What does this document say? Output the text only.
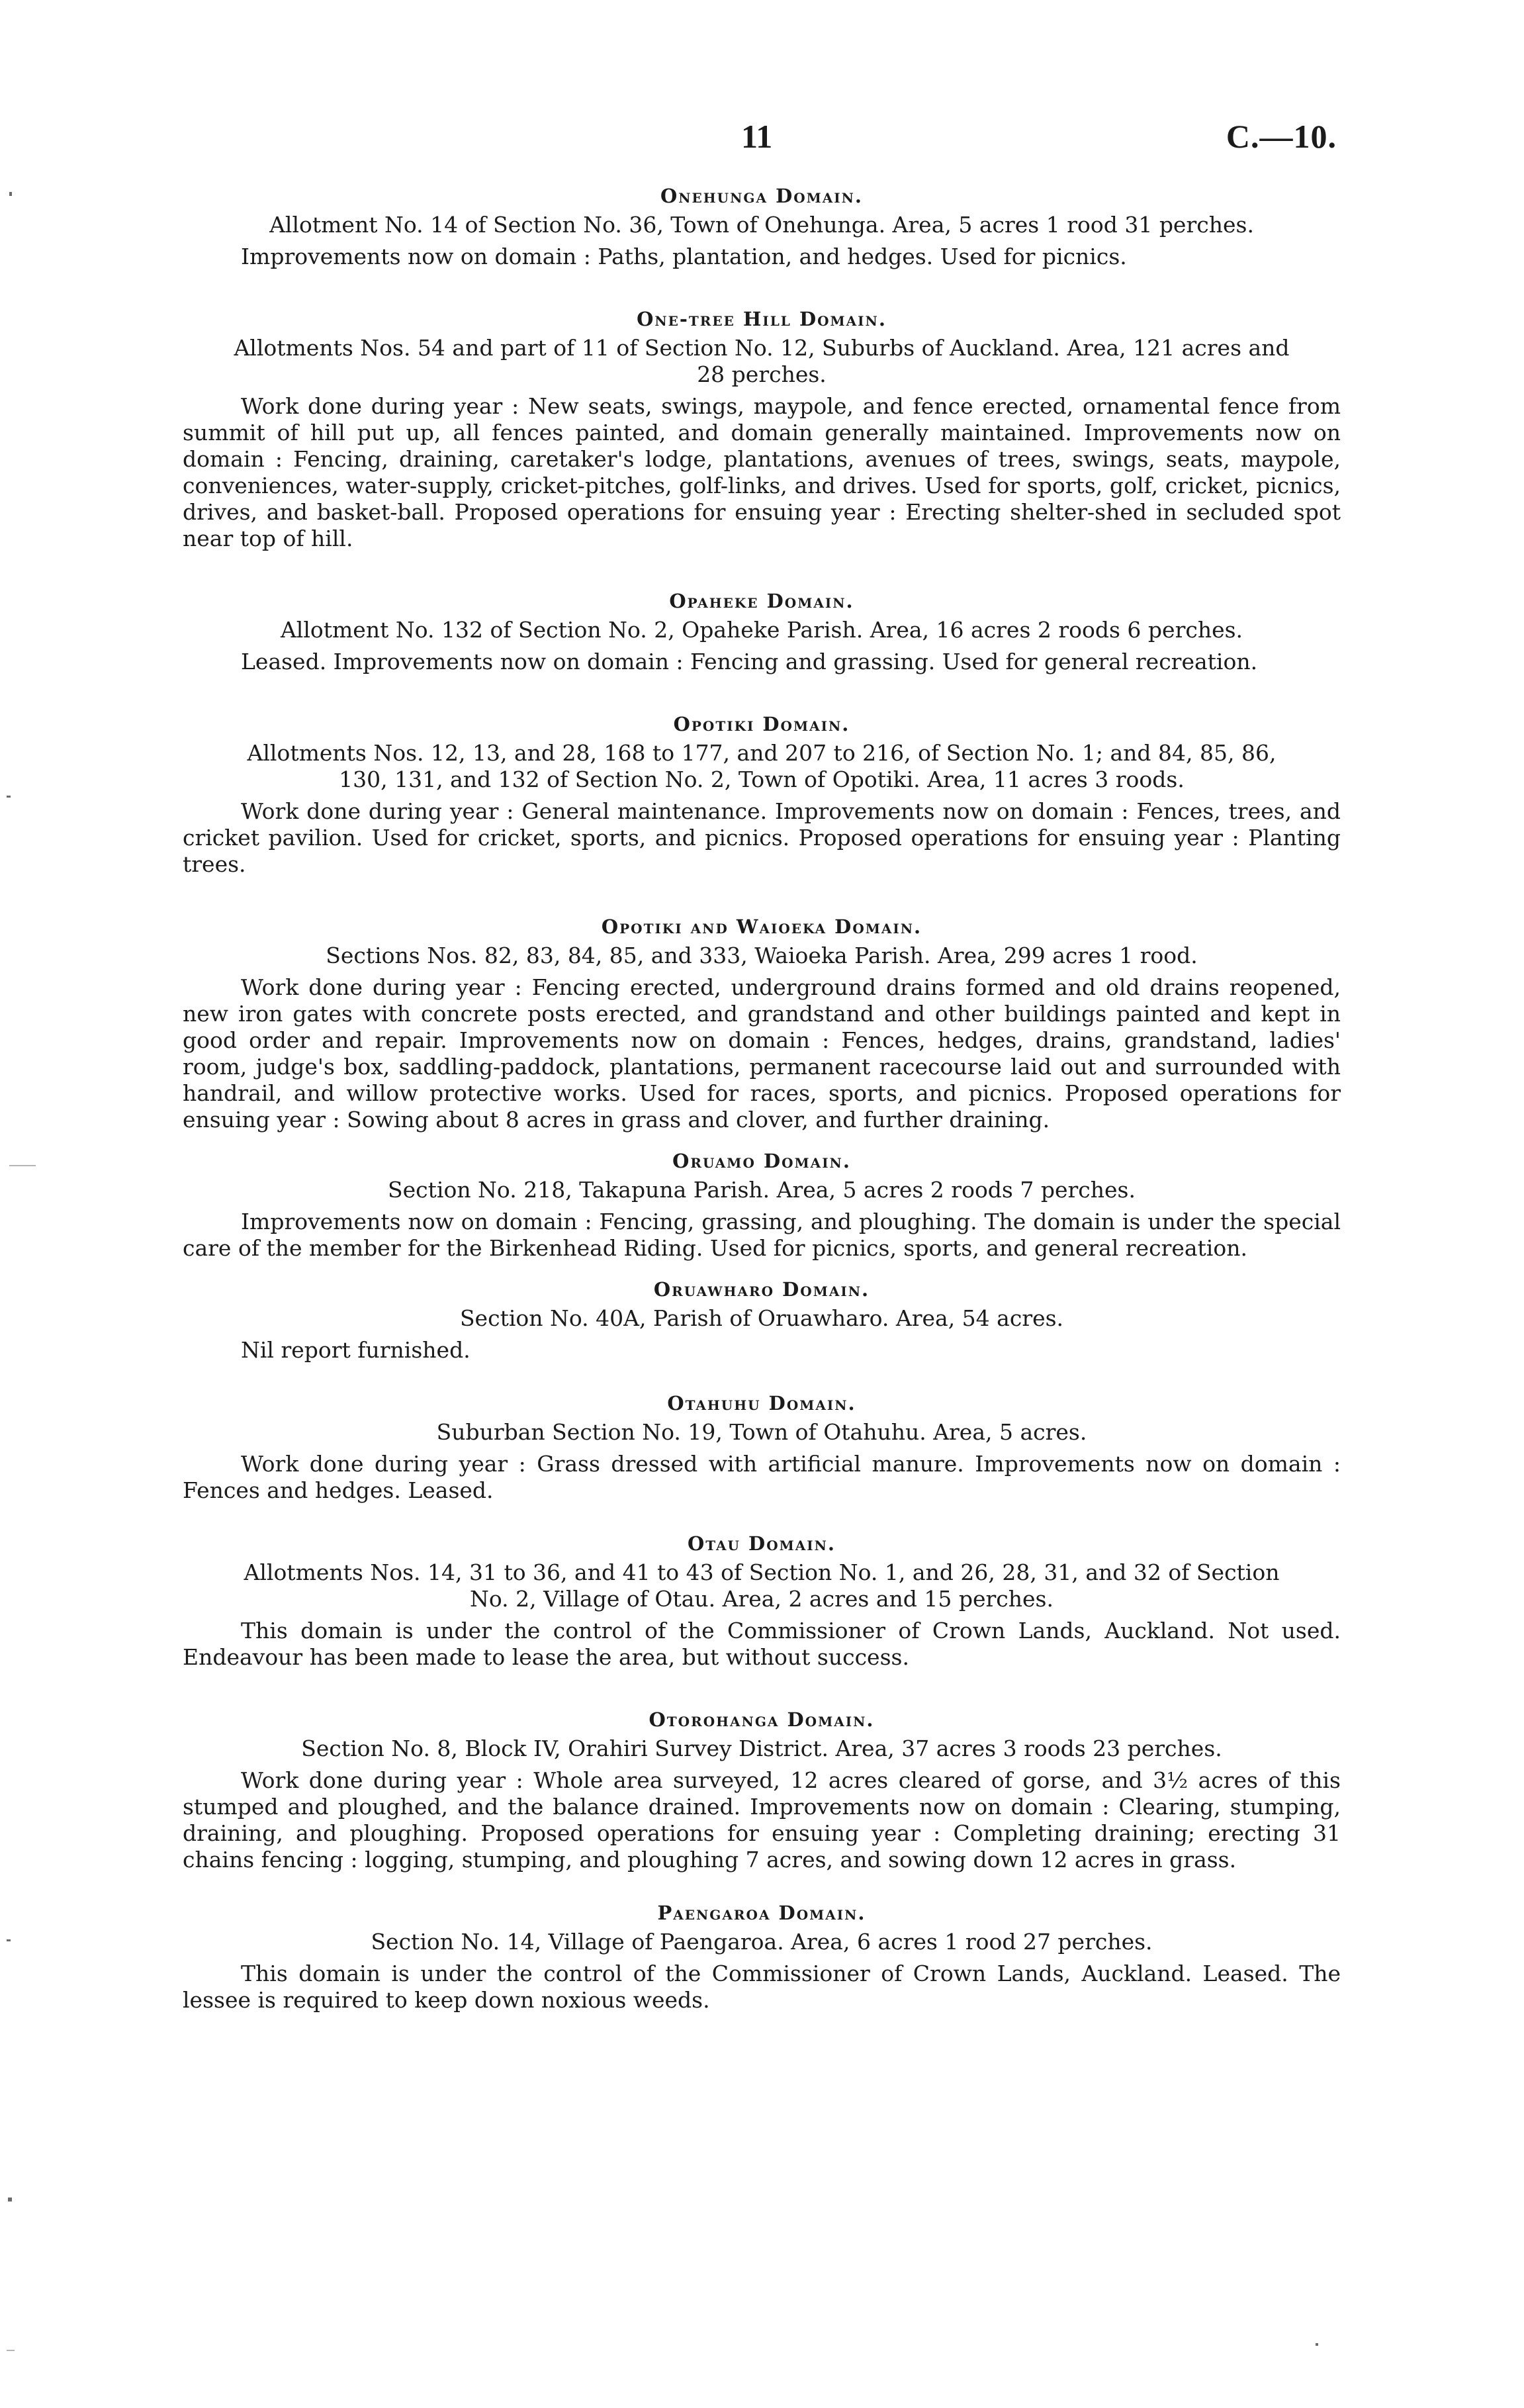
11	C.—10.
Onehunga Domain.
Allotment No. 14 of Section No. 36, Town of Onehunga. Area, 5 acres 1 rood 31 perches.

Improvements now on domain : Paths, plantation, and hedges. Used for picnics.

One-tree Hill Domain.
Allotments Nos. 54 and part of 11 of Section No. 12, Suburbs of Auckland. Area, 121 acres and 28 perches.

Work done during year : New seats, swings, maypole, and fence erected, ornamental fence from summit of hill put up, all fences painted, and domain generally maintained. Improvements now on domain : Fencing, draining, caretaker's lodge, plantations, avenues of trees, swings, seats, maypole, conveniences, water-supply, cricket-pitches, golf-links, and drives. Used for sports, golf, cricket, picnics, drives, and basket-ball. Proposed operations for ensuing year : Erecting shelter-shed in secluded spot near top of hill.

Opaheke Domain.
Allotment No. 132 of Section No. 2, Opaheke Parish. Area, 16 acres 2 roods 6 perches.

Leased. Improvements now on domain : Fencing and grassing. Used for general recreation.

Opotiki Domain.
Allotments Nos. 12, 13, and 28, 168 to 177, and 207 to 216, of Section No. 1; and 84, 85, 86, 130, 131, and 132 of Section No. 2, Town of Opotiki. Area, 11 acres 3 roods.

Work done during year : General maintenance. Improvements now on domain : Fences, trees, and cricket pavilion. Used for cricket, sports, and picnics. Proposed operations for ensuing year : Planting trees.

Opotiki and Waioeka Domain.
Sections Nos. 82, 83, 84, 85, and 333, Waioeka Parish. Area, 299 acres 1 rood.

Work done during year : Fencing erected, underground drains formed and old drains reopened, new iron gates with concrete posts erected, and grandstand and other buildings painted and kept in good order and repair. Improvements now on domain : Fences, hedges, drains, grandstand, ladies' room, judge's box, saddling-paddock, plantations, permanent racecourse laid out and surrounded with handrail, and willow protective works. Used for races, sports, and picnics. Proposed operations for ensuing year : Sowing about 8 acres in grass and clover, and further draining.

Oruamo Domain.
Section No. 218, Takapuna Parish. Area, 5 acres 2 roods 7 perches.

Improvements now on domain : Fencing, grassing, and ploughing. The domain is under the special care of the member for the Birkenhead Riding. Used for picnics, sports, and general recreation.

Oruawharo Domain.
Section No. 40A, Parish of Oruawharo. Area, 54 acres.

Nil report furnished.

Otahuhu Domain.
Suburban Section No. 19, Town of Otahuhu. Area, 5 acres.

Work done during year : Grass dressed with artificial manure. Improvements now on domain : Fences and hedges. Leased.

Otau Domain.
Allotments Nos. 14, 31 to 36, and 41 to 43 of Section No. 1, and 26, 28, 31, and 32 of Section No. 2, Village of Otau. Area, 2 acres and 15 perches.

This domain is under the control of the Commissioner of Crown Lands, Auckland. Not used. Endeavour has been made to lease the area, but without success.

Otorohanga Domain.
Section No. 8, Block IV, Orahiri Survey District. Area, 37 acres 3 roods 23 perches.

Work done during year : Whole area surveyed, 12 acres cleared of gorse, and 3½ acres of this stumped and ploughed, and the balance drained. Improvements now on domain : Clearing, stumping, draining, and ploughing. Proposed operations for ensuing year : Completing draining; erecting 31 chains fencing : logging, stumping, and ploughing 7 acres, and sowing down 12 acres in grass.

Paengaroa Domain.
Section No. 14, Village of Paengaroa. Area, 6 acres 1 rood 27 perches.

This domain is under the control of the Commissioner of Crown Lands, Auckland. Leased. The lessee is required to keep down noxious weeds.
